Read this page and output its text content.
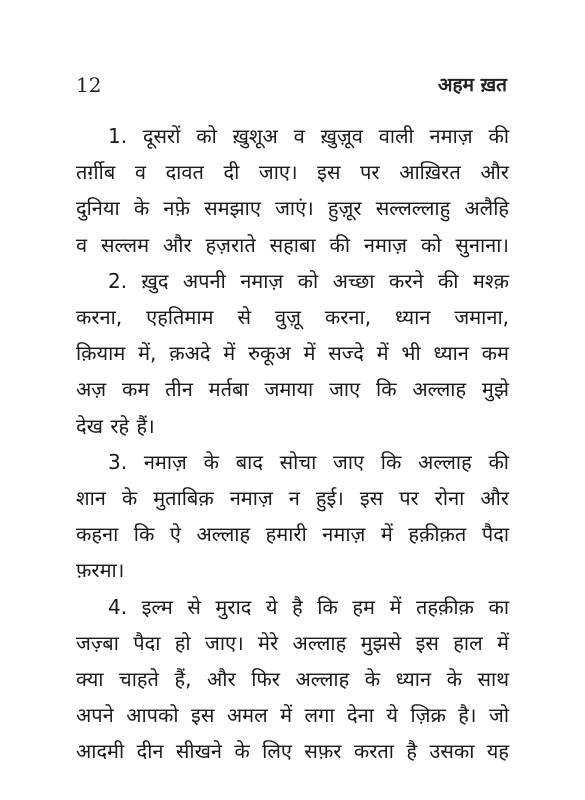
12	अहम ख़त

1. दूसरों को ख़ुशूअ व ख़ुज़ूव वाली नमाज़ की
तर्ग़ीब व दावत दी जाए। इस पर आख़िरत और
दुनिया के नफ़े समझाए जाएं। हुज़ूर सल्लल्लाहु अलैहि
व सल्लम और हज़राते सहाबा की नमाज़ को सुनाना।

2. ख़ुद अपनी नमाज़ को अच्छा करने की मश्क़
करना, एहतिमाम से वुज़ू करना, ध्यान जमाना,
क़ियाम में, क़अदे में रुकूअ में सज्दे में भी ध्यान कम
अज़ कम तीन मर्तबा जमाया जाए कि अल्लाह मुझे
देख रहे हैं।

3. नमाज़ के बाद सोचा जाए कि अल्लाह की
शान के मुताबिक़ नमाज़ न हुई। इस पर रोना और
कहना कि ऐ अल्लाह हमारी नमाज़ में हक़ीक़त पैदा
फ़रमा।

4. इल्म से मुराद ये है कि हम में तहक़ीक़ का
जज़्बा पैदा हो जाए। मेरे अल्लाह मुझसे इस हाल में
क्या चाहते हैं, और फिर अल्लाह के ध्यान के साथ
अपने आपको इस अमल में लगा देना ये ज़िक्र है। जो
आदमी दीन सीखने के लिए सफ़र करता है उसका यह
